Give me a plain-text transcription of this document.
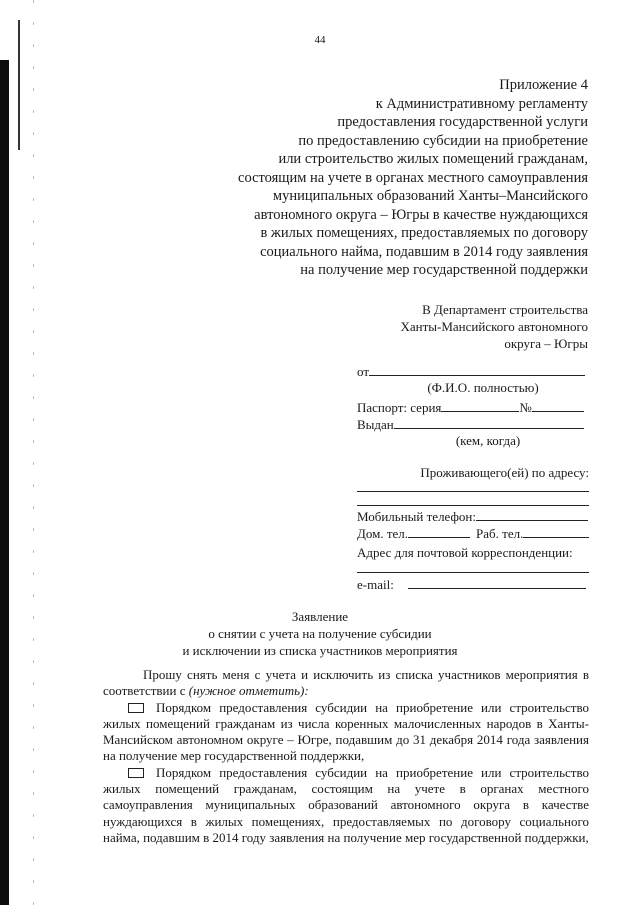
44
Приложение 4
к Административному регламенту
предоставления государственной услуги
по предоставлению субсидии на приобретение
или строительство жилых помещений гражданам,
состоящим на учете в органах местного самоуправления
муниципальных образований Ханты–Мансийского
автономного округа – Югры в качестве нуждающихся
в жилых помещениях, предоставляемых по договору
социального найма, подавшим в 2014 году заявления
на получение мер государственной поддержки
В Департамент строительства
Ханты-Мансийского автономного
округа – Югры
от
(Ф.И.О. полностью)
Паспорт: серия	№
Выдан
(кем, когда)
Проживающего(ей) по адресу:
Мобильный телефон:
Дом. тел.	Раб. тел.
Адрес для почтовой корреспонденции:
e-mail:
Заявление
о снятии с учета на получение субсидии
и исключении из списка участников мероприятия

Прошу снять меня с учета и исключить из списка участников мероприятия в соответствии с (нужное отметить):

Порядком предоставления субсидии на приобретение или строительство жилых помещений гражданам из числа коренных малочисленных народов в Ханты-Мансийском автономном округе – Югре, подавшим до 31 декабря 2014 года заявления на получение мер государственной поддержки,

Порядком предоставления субсидии на приобретение или строительство жилых помещений гражданам, состоящим на учете в органах местного самоуправления муниципальных образований автономного округа в качестве нуждающихся в жилых помещениях, предоставляемых по договору социального найма, подавшим в 2014 году заявления на получение мер государственной поддержки,
